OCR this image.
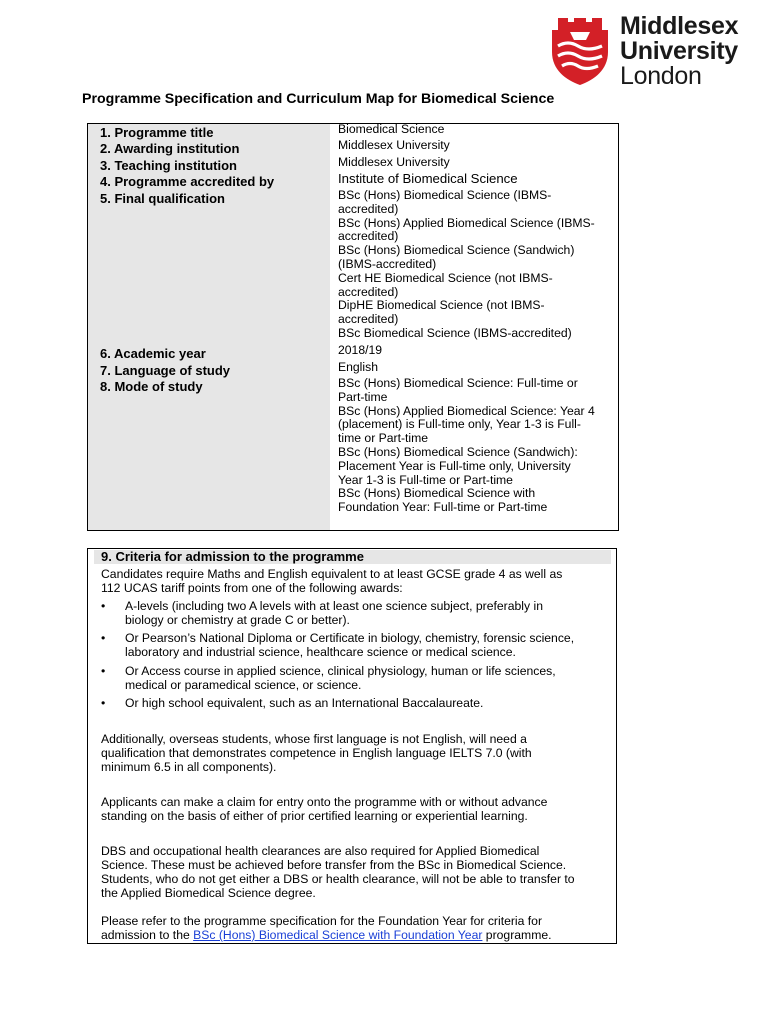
Middlesex
University
London
Programme Specification and Curriculum Map for Biomedical Science
1. Programme title	Biomedical Science
2. Awarding institution	Middlesex University
3. Teaching institution	Middlesex University
4. Programme accredited by	Institute of Biomedical Science
5. Final qualification	BSc (Hons) Biomedical Science (IBMS-
accredited)
BSc (Hons) Applied Biomedical Science (IBMS-
accredited)
BSc (Hons) Biomedical Science (Sandwich)
(IBMS-accredited)
Cert HE Biomedical Science (not IBMS-
accredited)
DipHE Biomedical Science (not IBMS-
accredited)
BSc Biomedical Science (IBMS-accredited)
6. Academic year	2018/19
7. Language of study	English
8. Mode of study	BSc (Hons) Biomedical Science: Full-time or
Part-time
BSc (Hons) Applied Biomedical Science: Year 4
(placement) is Full-time only, Year 1-3 is Full-
time or Part-time
BSc (Hons) Biomedical Science (Sandwich):
Placement Year is Full-time only, University
Year 1-3 is Full-time or Part-time
BSc (Hons) Biomedical Science with
Foundation Year: Full-time or Part-time
9. Criteria for admission to the programme
Candidates require Maths and English equivalent to at least GCSE grade 4 as well as
112 UCAS tariff points from one of the following awards:
• A-levels (including two A levels with at least one science subject, preferably in
biology or chemistry at grade C or better).
• Or Pearson’s National Diploma or Certificate in biology, chemistry, forensic science,
laboratory and industrial science, healthcare science or medical science.
• Or Access course in applied science, clinical physiology, human or life sciences,
medical or paramedical science, or science.
• Or high school equivalent, such as an International Baccalaureate.
Additionally, overseas students, whose first language is not English, will need a
qualification that demonstrates competence in English language IELTS 7.0 (with
minimum 6.5 in all components).
Applicants can make a claim for entry onto the programme with or without advance
standing on the basis of either of prior certified learning or experiential learning.
DBS and occupational health clearances are also required for Applied Biomedical
Science. These must be achieved before transfer from the BSc in Biomedical Science.
Students, who do not get either a DBS or health clearance, will not be able to transfer to
the Applied Biomedical Science degree.
Please refer to the programme specification for the Foundation Year for criteria for
admission to the BSc (Hons) Biomedical Science with Foundation Year programme.
